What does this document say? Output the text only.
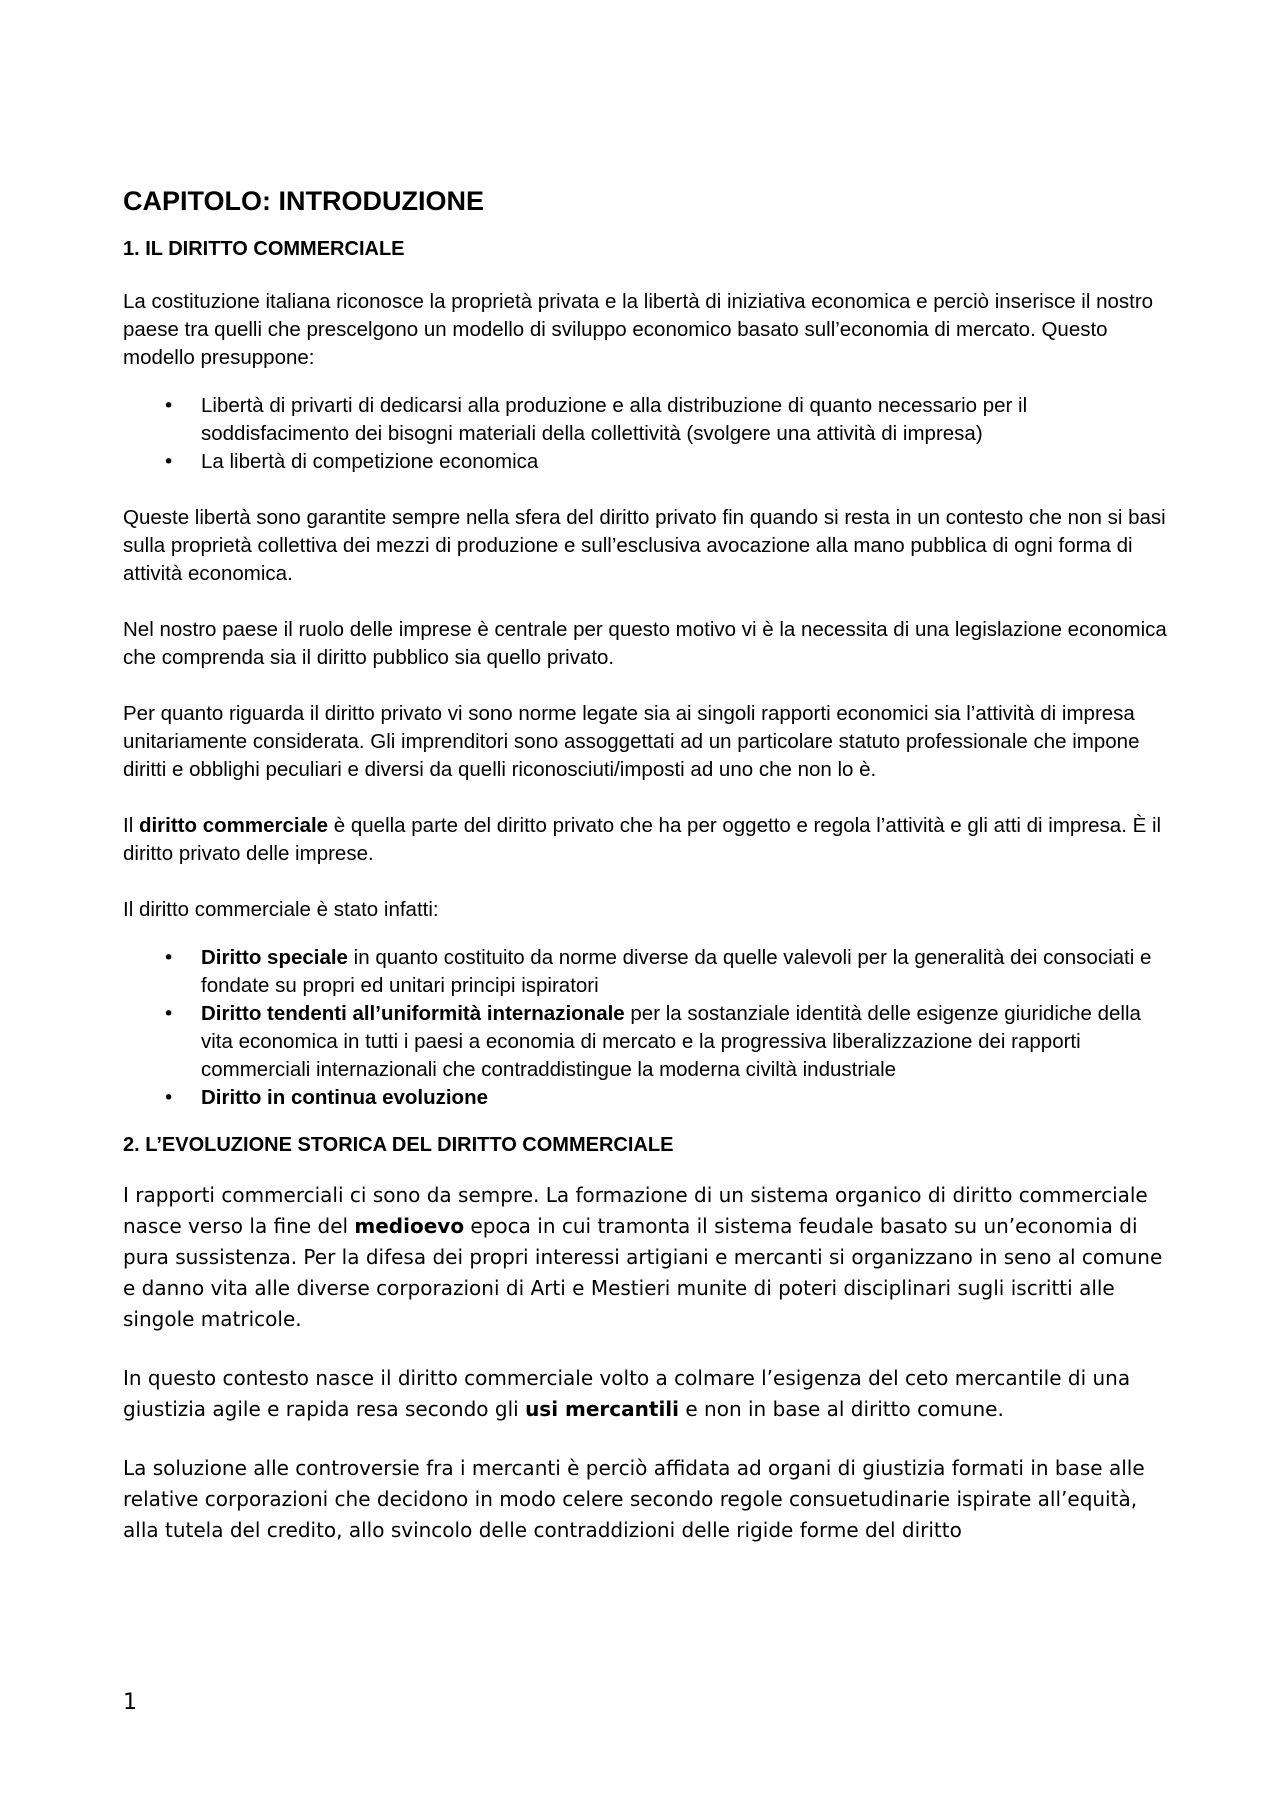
CAPITOLO: INTRODUZIONE
1. IL DIRITTO COMMERCIALE

La costituzione italiana riconosce la proprietà privata e la libertà di iniziativa economica e perciò inserisce il nostro paese tra quelli che prescelgono un modello di sviluppo economico basato sull’economia di mercato. Questo modello presuppone:

• Libertà di privarti di dedicarsi alla produzione e alla distribuzione di quanto necessario per il soddisfacimento dei bisogni materiali della collettività (svolgere una attività di impresa)
• La libertà di competizione economica

Queste libertà sono garantite sempre nella sfera del diritto privato fin quando si resta in un contesto che non si basi sulla proprietà collettiva dei mezzi di produzione e sull’esclusiva avocazione alla mano pubblica di ogni forma di attività economica.

Nel nostro paese il ruolo delle imprese è centrale per questo motivo vi è la necessita di una legislazione economica che comprenda sia il diritto pubblico sia quello privato.

Per quanto riguarda il diritto privato vi sono norme legate sia ai singoli rapporti economici sia l’attività di impresa unitariamente considerata. Gli imprenditori sono assoggettati ad un particolare statuto professionale che impone diritti e obblighi peculiari e diversi da quelli riconosciuti/imposti ad uno che non lo è.

Il diritto commerciale è quella parte del diritto privato che ha per oggetto e regola l’attività e gli atti di impresa. È il diritto privato delle imprese.

Il diritto commerciale è stato infatti:

• Diritto speciale in quanto costituito da norme diverse da quelle valevoli per la generalità dei consociati e fondate su propri ed unitari principi ispiratori
• Diritto tendenti all’uniformità internazionale per la sostanziale identità delle esigenze giuridiche della vita economica in tutti i paesi a economia di mercato e la progressiva liberalizzazione dei rapporti commerciali internazionali che contraddistingue la moderna civiltà industriale
• Diritto in continua evoluzione
2. L’EVOLUZIONE STORICA DEL DIRITTO COMMERCIALE

I rapporti commerciali ci sono da sempre. La formazione di un sistema organico di diritto commerciale nasce verso la fine del medioevo epoca in cui tramonta il sistema feudale basato su un’economia di pura sussistenza. Per la difesa dei propri interessi artigiani e mercanti si organizzano in seno al comune e danno vita alle diverse corporazioni di Arti e Mestieri munite di poteri disciplinari sugli iscritti alle singole matricole.

In questo contesto nasce il diritto commerciale volto a colmare l’esigenza del ceto mercantile di una giustizia agile e rapida resa secondo gli usi mercantili e non in base al diritto comune.

La soluzione alle controversie fra i mercanti è perciò affidata ad organi di giustizia formati in base alle relative corporazioni che decidono in modo celere secondo regole consuetudinarie ispirate all’equità, alla tutela del credito, allo svincolo delle contraddizioni delle rigide forme del diritto

1
